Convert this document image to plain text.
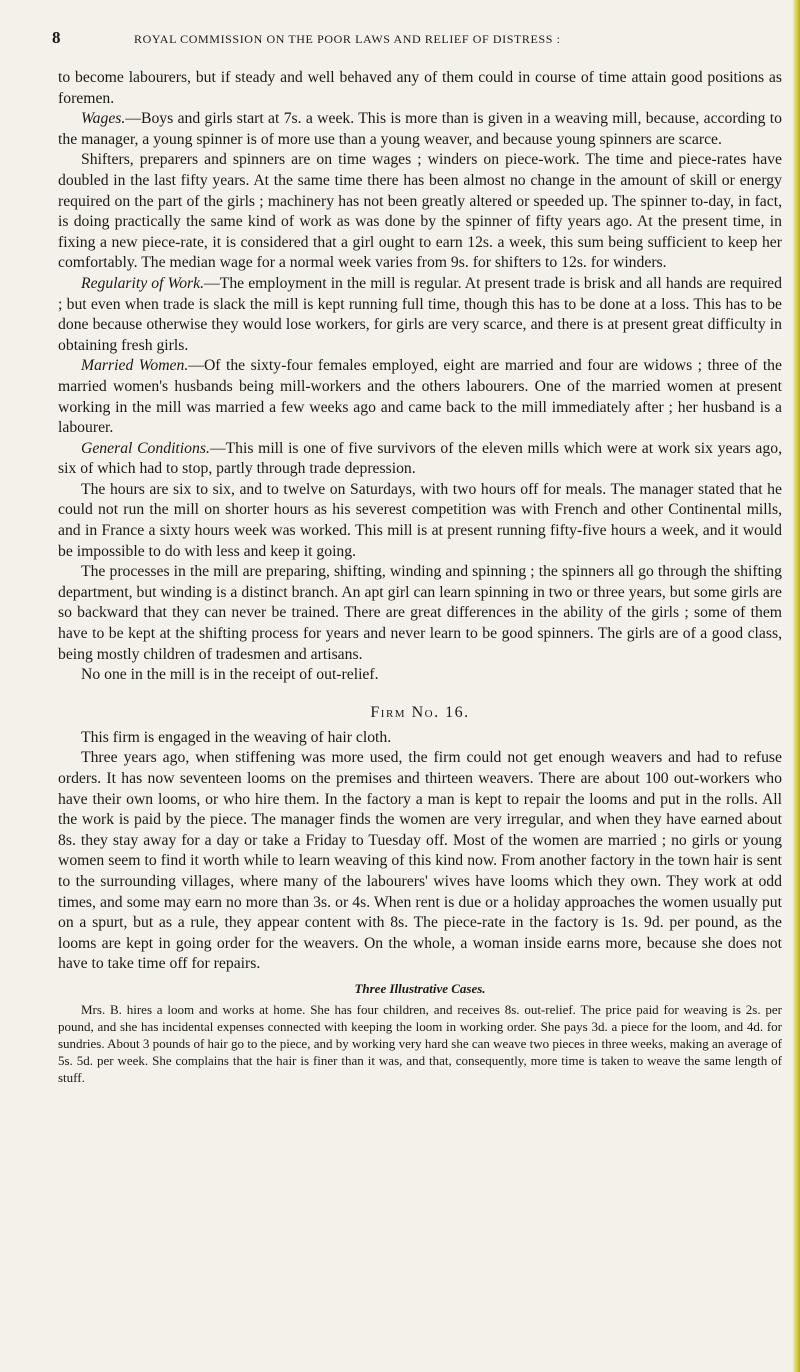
8	ROYAL COMMISSION ON THE POOR LAWS AND RELIEF OF DISTRESS :

to become labourers, but if steady and well behaved any of them could in course of time attain good positions as foremen.

Wages.—Boys and girls start at 7s. a week. This is more than is given in a weaving mill, because, according to the manager, a young spinner is of more use than a young weaver, and because young spinners are scarce.

Shifters, preparers and spinners are on time wages ; winders on piece-work. The time and piece-rates have doubled in the last fifty years. At the same time there has been almost no change in the amount of skill or energy required on the part of the girls ; machinery has not been greatly altered or speeded up. The spinner to-day, in fact, is doing practically the same kind of work as was done by the spinner of fifty years ago. At the present time, in fixing a new piece-rate, it is considered that a girl ought to earn 12s. a week, this sum being sufficient to keep her comfortably. The median wage for a normal week varies from 9s. for shifters to 12s. for winders.

Regularity of Work.—The employment in the mill is regular. At present trade is brisk and all hands are required ; but even when trade is slack the mill is kept running full time, though this has to be done at a loss. This has to be done because otherwise they would lose workers, for girls are very scarce, and there is at present great difficulty in obtaining fresh girls.

Married Women.—Of the sixty-four females employed, eight are married and four are widows ; three of the married women's husbands being mill-workers and the others labourers. One of the married women at present working in the mill was married a few weeks ago and came back to the mill immediately after ; her husband is a labourer.

General Conditions.—This mill is one of five survivors of the eleven mills which were at work six years ago, six of which had to stop, partly through trade depression.

The hours are six to six, and to twelve on Saturdays, with two hours off for meals. The manager stated that he could not run the mill on shorter hours as his severest competition was with French and other Continental mills, and in France a sixty hours week was worked. This mill is at present running fifty-five hours a week, and it would be impossible to do with less and keep it going.

The processes in the mill are preparing, shifting, winding and spinning ; the spinners all go through the shifting department, but winding is a distinct branch. An apt girl can learn spinning in two or three years, but some girls are so backward that they can never be trained. There are great differences in the ability of the girls ; some of them have to be kept at the shifting process for years and never learn to be good spinners. The girls are of a good class, being mostly children of tradesmen and artisans.

No one in the mill is in the receipt of out-relief.

Firm No. 16.

This firm is engaged in the weaving of hair cloth.

Three years ago, when stiffening was more used, the firm could not get enough weavers and had to refuse orders. It has now seventeen looms on the premises and thirteen weavers. There are about 100 out-workers who have their own looms, or who hire them. In the factory a man is kept to repair the looms and put in the rolls. All the work is paid by the piece. The manager finds the women are very irregular, and when they have earned about 8s. they stay away for a day or take a Friday to Tuesday off. Most of the women are married ; no girls or young women seem to find it worth while to learn weaving of this kind now. From another factory in the town hair is sent to the surrounding villages, where many of the labourers' wives have looms which they own. They work at odd times, and some may earn no more than 3s. or 4s. When rent is due or a holiday approaches the women usually put on a spurt, but as a rule, they appear content with 8s. The piece-rate in the factory is 1s. 9d. per pound, as the looms are kept in going order for the weavers. On the whole, a woman inside earns more, because she does not have to take time off for repairs.

Three Illustrative Cases.

Mrs. B. hires a loom and works at home. She has four children, and receives 8s. out-relief. The price paid for weaving is 2s. per pound, and she has incidental expenses connected with keeping the loom in working order. She pays 3d. a piece for the loom, and 4d. for sundries. About 3 pounds of hair go to the piece, and by working very hard she can weave two pieces in three weeks, making an average of 5s. 5d. per week. She complains that the hair is finer than it was, and that, consequently, more time is taken to weave the same length of stuff.
